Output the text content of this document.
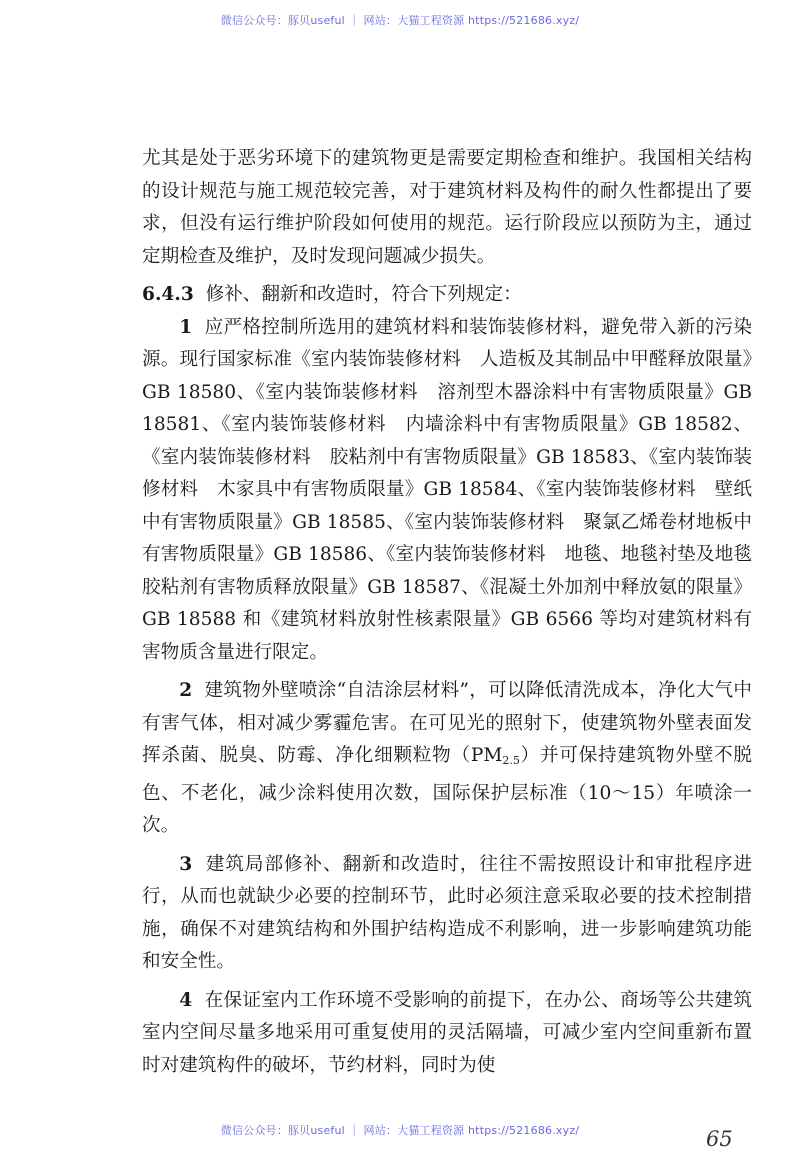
微信公众号：豚贝useful ｜ 网站：大猫工程资源 https://521686.xyz/

尤其是处于恶劣环境下的建筑物更是需要定期检查和维护。我国相关结构的设计规范与施工规范较完善，对于建筑材料及构件的耐久性都提出了要求，但没有运行维护阶段如何使用的规范。运行阶段应以预防为主，通过定期检查及维护，及时发现问题减少损失。

6.4.3 修补、翻新和改造时，符合下列规定：

1 应严格控制所选用的建筑材料和装饰装修材料，避免带入新的污染源。现行国家标准《室内装饰装修材料　人造板及其制品中甲醛释放限量》GB 18580、《室内装饰装修材料　溶剂型木器涂料中有害物质限量》GB 18581、《室内装饰装修材料　内墙涂料中有害物质限量》GB 18582、《室内装饰装修材料　胶粘剂中有害物质限量》GB 18583、《室内装饰装修材料　木家具中有害物质限量》GB 18584、《室内装饰装修材料　壁纸中有害物质限量》GB 18585、《室内装饰装修材料　聚氯乙烯卷材地板中有害物质限量》GB 18586、《室内装饰装修材料　地毯、地毯衬垫及地毯胶粘剂有害物质释放限量》GB 18587、《混凝土外加剂中释放氨的限量》GB 18588 和《建筑材料放射性核素限量》GB 6566 等均对建筑材料有害物质含量进行限定。

2 建筑物外壁喷涂“自洁涂层材料”，可以降低清洗成本，净化大气中有害气体，相对减少雾霾危害。在可见光的照射下，使建筑物外壁表面发挥杀菌、脱臭、防霉、净化细颗粒物$(PM_{2.5})$并可保持建筑物外壁不脱色、不老化，减少涂料使用次数，国际保护层标准（10～15）年喷涂一次。

3 建筑局部修补、翻新和改造时，往往不需按照设计和审批程序进行，从而也就缺少必要的控制环节，此时必须注意采取必要的技术控制措施，确保不对建筑结构和外围护结构造成不利影响，进一步影响建筑功能和安全性。

4 在保证室内工作环境不受影响的前提下，在办公、商场等公共建筑室内空间尽量多地采用可重复使用的灵活隔墙，可减少室内空间重新布置时对建筑构件的破坏，节约材料，同时为使

微信公众号：豚贝useful ｜ 网站：大猫工程资源 https://521686.xyz/	65
